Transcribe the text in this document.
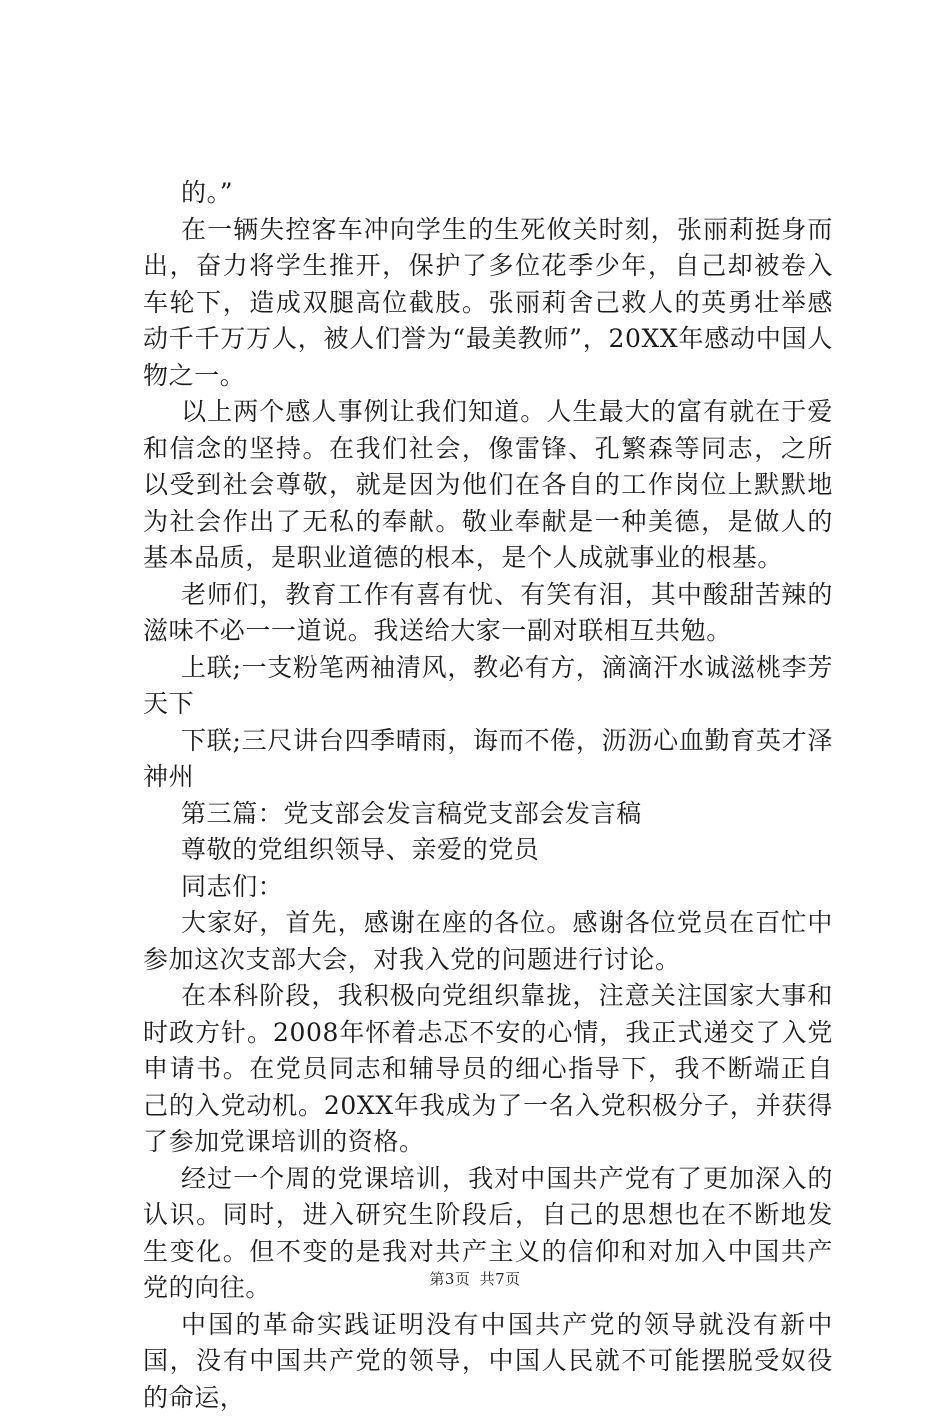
的。”

在一辆失控客车冲向学生的生死攸关时刻，张丽莉挺身而出，奋力将学生推开，保护了多位花季少年，自己却被卷入车轮下，造成双腿高位截肢。张丽莉舍己救人的英勇壮举感动千千万万人，被人们誉为“最美教师”，20XX年感动中国人物之一。

以上两个感人事例让我们知道。人生最大的富有就在于爱和信念的坚持。在我们社会，像雷锋、孔繁森等同志，之所以受到社会尊敬，就是因为他们在各自的工作岗位上默默地为社会作出了无私的奉献。敬业奉献是一种美德，是做人的基本品质，是职业道德的根本，是个人成就事业的根基。

老师们，教育工作有喜有忧、有笑有泪，其中酸甜苦辣的滋味不必一一道说。我送给大家一副对联相互共勉。

上联;一支粉笔两袖清风，教必有方，滴滴汗水诚滋桃李芳天下

下联;三尺讲台四季晴雨，诲而不倦，沥沥心血勤育英才泽神州

第三篇：党支部会发言稿党支部会发言稿

尊敬的党组织领导、亲爱的党员

同志们：

大家好，首先，感谢在座的各位。感谢各位党员在百忙中参加这次支部大会，对我入党的问题进行讨论。

在本科阶段，我积极向党组织靠拢，注意关注国家大事和时政方针。2008年怀着忐忑不安的心情，我正式递交了入党申请书。在党员同志和辅导员的细心指导下，我不断端正自己的入党动机。20XX年我成为了一名入党积极分子，并获得了参加党课培训的资格。

经过一个周的党课培训，我对中国共产党有了更加深入的认识。同时，进入研究生阶段后，自己的思想也在不断地发生变化。但不变的是我对共产主义的信仰和对加入中国共产党的向往。

中国的革命实践证明没有中国共产党的领导就没有新中国，没有中国共产党的领导，中国人民就不可能摆脱受奴役的命运，

第3页 共7页
